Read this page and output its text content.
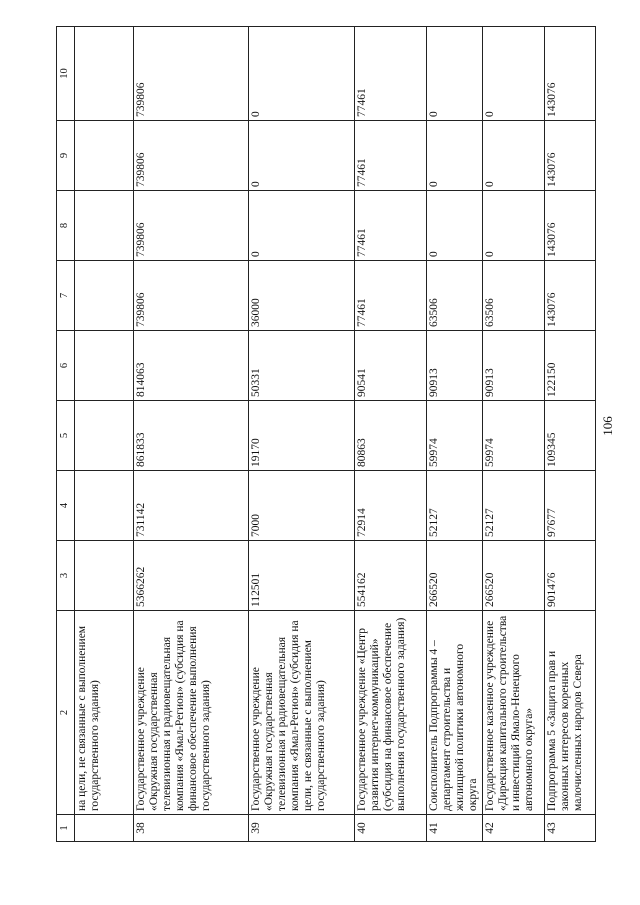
106
1	2	3	4	5	6	7	8	9	10
	на цели, не связанные с выполнением государственного задания)								
38	Государственное учреждение «Окружная государственная телевизионная и радиовещательная компания «Ямал-Регион» (субсидия на финансовое обеспечение выполнения государственного задания)	5366262	731142	861833	814063	739806	739806	739806	739806
39	Государственное учреждение «Окружная государственная телевизионная и радиовещательная компания «Ямал-Регион» (субсидия на цели, не связанные с выполнением государственного задания)	112501	7000	19170	50331	36000	0	0	0
40	Государственное учреждение «Центр развития интернет-коммуникаций» (субсидия на финансовое обеспечение выполнения государственного задания)	554162	72914	80863	90541	77461	77461	77461	77461
41	Соисполнитель Подпрограммы 4 – департамент строительства и жилищной политики автономного округа	266520	52127	59974	90913	63506	0	0	0
42	Государственное казенное учреждение «Дирекция капитального строительства и инвестиций Ямало-Ненецкого автономного округа»	266520	52127	59974	90913	63506	0	0	0
43	Подпрограмма 5 «Защита прав и законных интересов коренных малочисленных народов Севера	901476	97677	109345	122150	143076	143076	143076	143076
